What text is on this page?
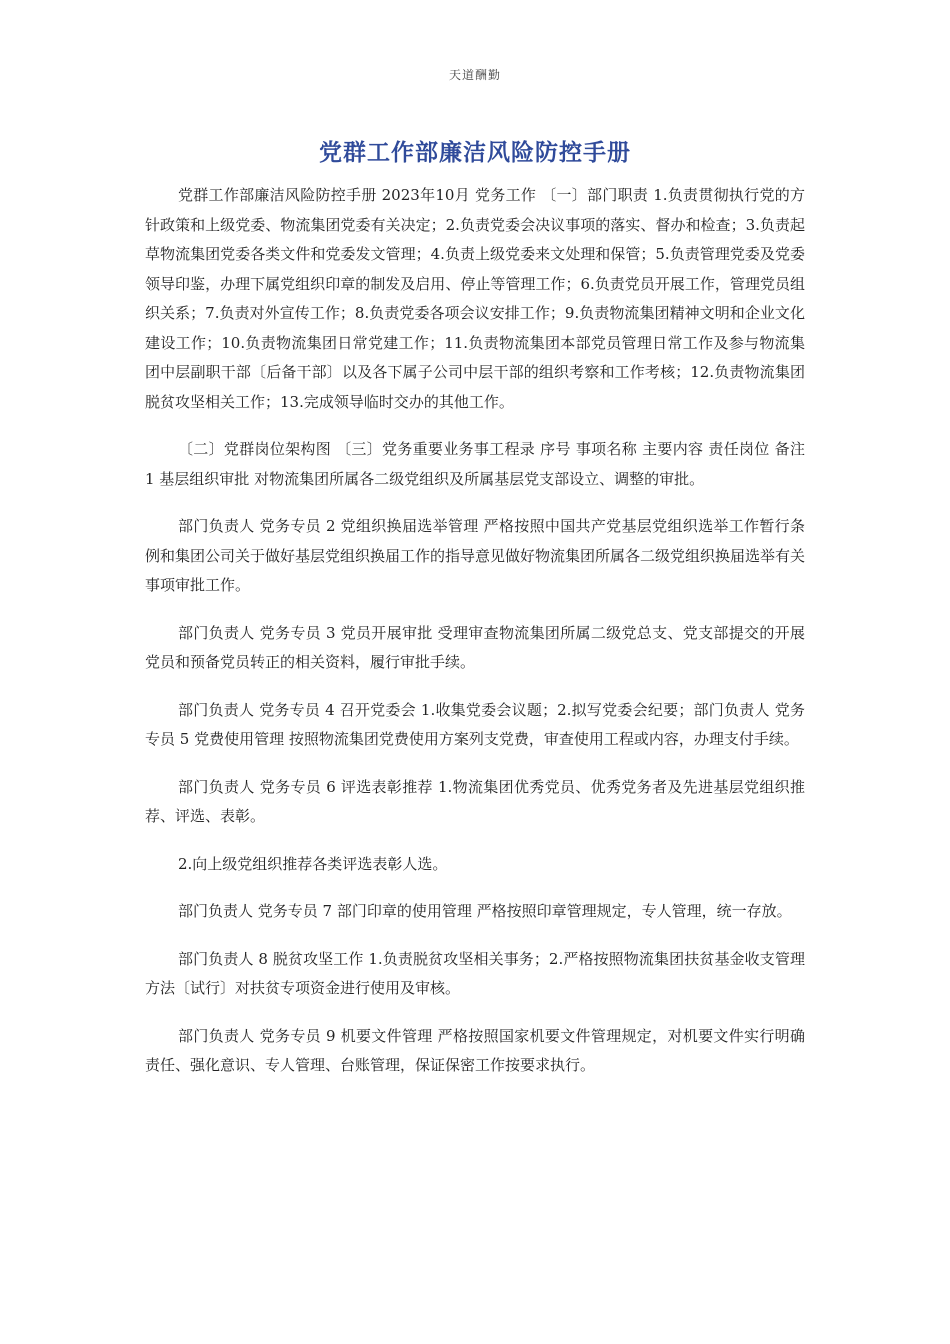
天道酬勤
党群工作部廉洁风险防控手册

党群工作部廉洁风险防控手册 2023年10月 党务工作 〔一〕部门职责 1.负责贯彻执行党的方针政策和上级党委、物流集团党委有关决定；2.负责党委会决议事项的落实、督办和检查；3.负责起草物流集团党委各类文件和党委发文管理；4.负责上级党委来文处理和保管；5.负责管理党委及党委领导印鉴，办理下属党组织印章的制发及启用、停止等管理工作；6.负责党员开展工作，管理党员组织关系；7.负责对外宣传工作；8.负责党委各项会议安排工作；9.负责物流集团精神文明和企业文化建设工作；10.负责物流集团日常党建工作；11.负责物流集团本部党员管理日常工作及参与物流集团中层副职干部〔后备干部〕以及各下属子公司中层干部的组织考察和工作考核；12.负责物流集团脱贫攻坚相关工作；13.完成领导临时交办的其他工作。

〔二〕党群岗位架构图 〔三〕党务重要业务事工程录 序号 事项名称 主要内容 责任岗位 备注 1 基层组织审批 对物流集团所属各二级党组织及所属基层党支部设立、调整的审批。

部门负责人 党务专员 2 党组织换届选举管理 严格按照中国共产党基层党组织选举工作暂行条例和集团公司关于做好基层党组织换届工作的指导意见做好物流集团所属各二级党组织换届选举有关事项审批工作。

部门负责人 党务专员 3 党员开展审批 受理审查物流集团所属二级党总支、党支部提交的开展党员和预备党员转正的相关资料，履行审批手续。

部门负责人 党务专员 4 召开党委会 1.收集党委会议题；2.拟写党委会纪要；部门负责人 党务专员 5 党费使用管理 按照物流集团党费使用方案列支党费，审查使用工程或内容，办理支付手续。

部门负责人 党务专员 6 评选表彰推荐 1.物流集团优秀党员、优秀党务者及先进基层党组织推荐、评选、表彰。

2.向上级党组织推荐各类评选表彰人选。

部门负责人 党务专员 7 部门印章的使用管理 严格按照印章管理规定，专人管理，统一存放。

部门负责人 8 脱贫攻坚工作 1.负责脱贫攻坚相关事务；2.严格按照物流集团扶贫基金收支管理方法〔试行〕对扶贫专项资金进行使用及审核。

部门负责人 党务专员 9 机要文件管理 严格按照国家机要文件管理规定，对机要文件实行明确责任、强化意识、专人管理、台账管理，保证保密工作按要求执行。
